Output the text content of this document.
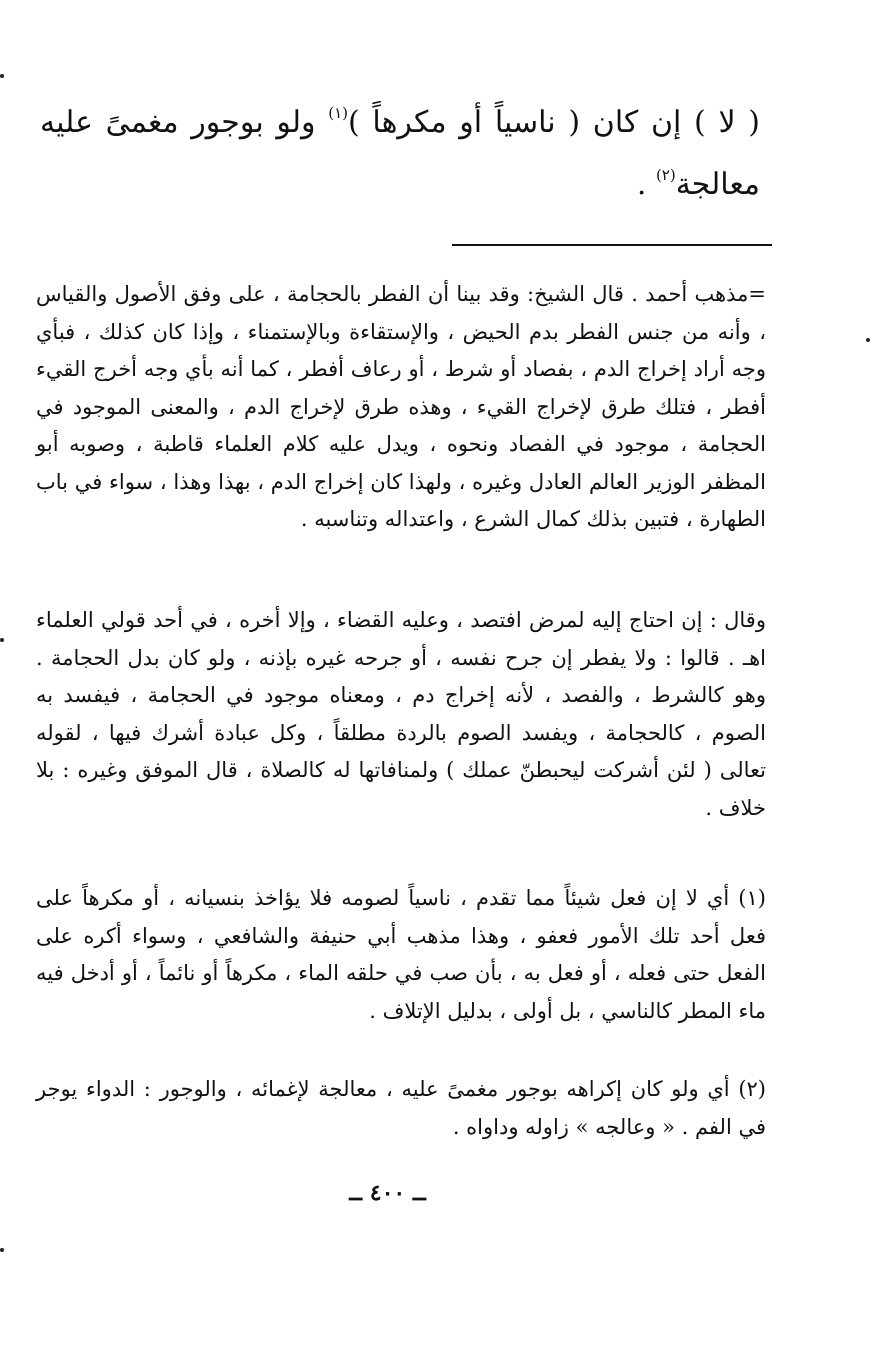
( لا ) إن كان ( ناسياً أو مكرهاً )$^{(١)}$ ولو بوجور مغمىً عليه معالجة$^{(٢)}$ .

=مذهب أحمد . قال الشيخ: وقد بينا أن الفطر بالحجامة ، على وفق الأصول والقياس ، وأنه من جنس الفطر بدم الحيض ، والإستقاءة وبالإستمناء ، وإذا كان كذلك ، فبأي وجه أراد إخراج الدم ، بفصاد أو شرط ، أو رعاف أفطر ، كما أنه بأي وجه أخرج القيء أفطر ، فتلك طرق لإخراج القيء ، وهذه طرق لإخراج الدم ، والمعنى الموجود في الحجامة ، موجود في الفصاد ونحوه ، ويدل عليه كلام العلماء قاطبة ، وصوبه أبو المظفر الوزير العالم العادل وغيره ، ولهذا كان إخراج الدم ، بهذا وهذا ، سواء في باب الطهارة ، فتبين بذلك كمال الشرع ، واعتداله وتناسبه .

وقال : إن احتاج إليه لمرض افتصد ، وعليه القضاء ، وإلا أخره ، في أحد قولي العلماء اهـ . قالوا : ولا يفطر إن جرح نفسه ، أو جرحه غيره بإذنه ، ولو كان بدل الحجامة . وهو كالشرط ، والفصد ، لأنه إخراج دم ، ومعناه موجود في الحجامة ، فيفسد به الصوم ، كالحجامة ، ويفسد الصوم بالردة مطلقاً ، وكل عبادة أشرك فيها ، لقوله تعالى ( لئن أشركت ليحبطنّ عملك ) ولمنافاتها له كالصلاة ، قال الموفق وغيره : بلا خلاف .

(١) أي لا إن فعل شيئاً مما تقدم ، ناسياً لصومه فلا يؤاخذ بنسيانه ، أو مكرهاً على فعل أحد تلك الأمور فعفو ، وهذا مذهب أبي حنيفة والشافعي ، وسواء أكره على الفعل حتى فعله ، أو فعل به ، بأن صب في حلقه الماء ، مكرهاً أو نائماً ، أو أدخل فيه ماء المطر كالناسي ، بل أولى ، بدليل الإتلاف .

(٢) أي ولو كان إكراهه بوجور مغمىً عليه ، معالجة لإغمائه ، والوجور : الدواء يوجر في الفم . « وعالجه » زاوله وداواه .

ــ ٤٠٠ ــ
